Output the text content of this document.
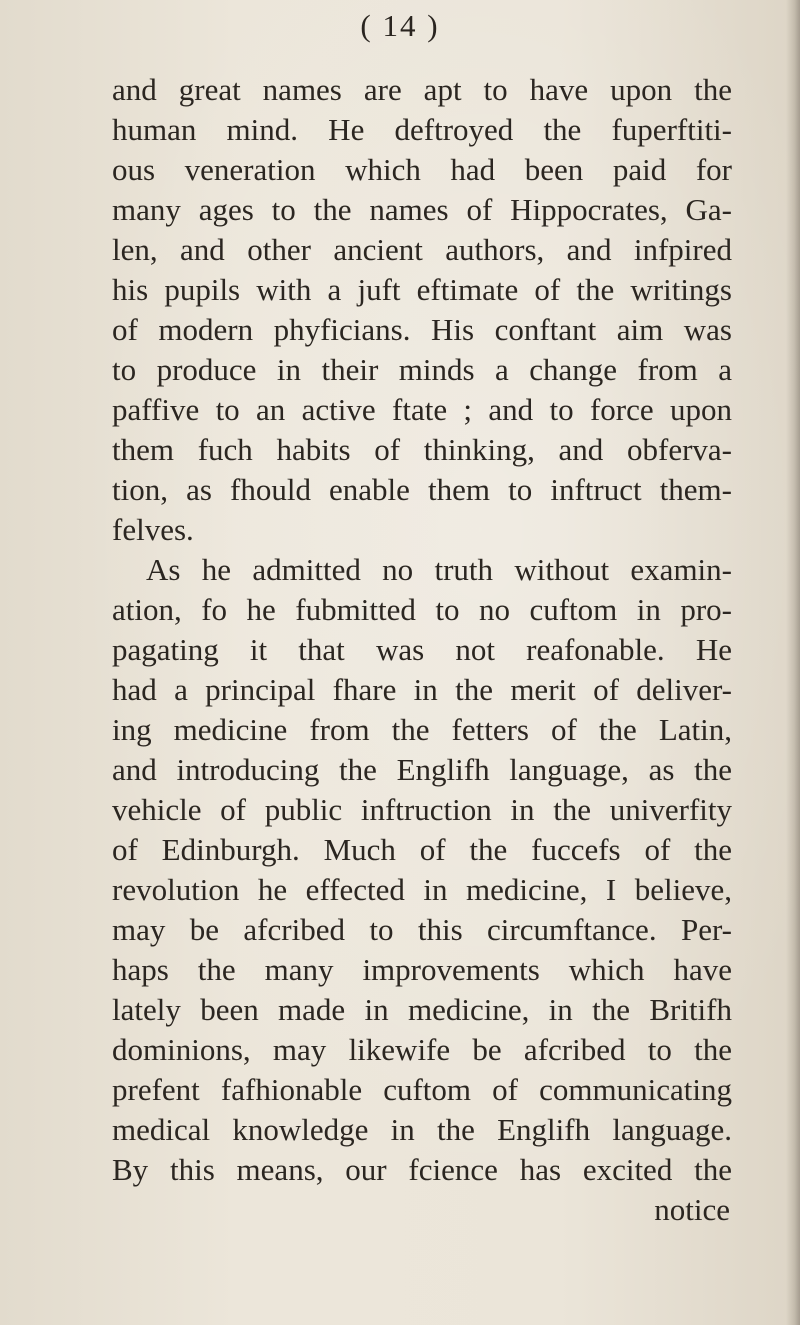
( 14 )
and great names are apt to have upon the
human mind. He deftroyed the fuperftiti-
ous veneration which had been paid for
many ages to the names of Hippocrates, Ga-
len, and other ancient authors, and infpired
his pupils with a juft eftimate of the writings
of modern phyficians. His conftant aim was
to produce in their minds a change from a
paffive to an active ftate ; and to force upon
them fuch habits of thinking, and obferva-
tion, as fhould enable them to inftruct them-
felves.
As he admitted no truth without examin-
ation, fo he fubmitted to no cuftom in pro-
pagating it that was not reafonable. He
had a principal fhare in the merit of deliver-
ing medicine from the fetters of the Latin,
and introducing the Englifh language, as the
vehicle of public inftruction in the univerfity
of Edinburgh. Much of the fuccefs of the
revolution he effected in medicine, I believe,
may be afcribed to this circumftance. Per-
haps the many improvements which have
lately been made in medicine, in the Britifh
dominions, may likewife be afcribed to the
prefent fafhionable cuftom of communicating
medical knowledge in the Englifh language.
By this means, our fcience has excited the
notice
